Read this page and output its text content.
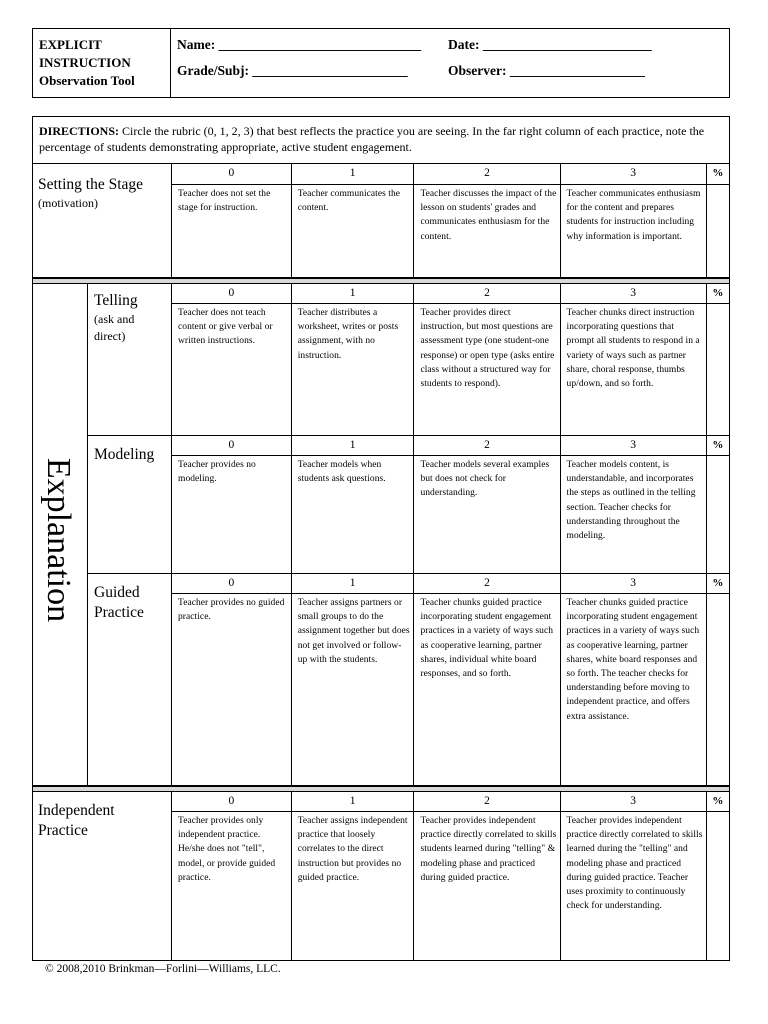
EXPLICIT
INSTRUCTION
Observation Tool
Name: ______________________________ Date: _________________________
Grade/Subj: _______________________	Observer: ____________________
DIRECTIONS: Circle the rubric (0, 1, 2, 3) that best reflects the practice you are seeing. In the far right column of each practice, note the percentage of students demonstrating appropriate, active student engagement.
Setting the Stage
(motivation)
0	1	2	3	%
Teacher does not set the stage for instruction.	Teacher communicates the content.	Teacher discusses the impact of the lesson on students' grades and communicates enthusiasm for the content.	Teacher communicates enthusiasm for the content and prepares students for instruction including why information is important.	
Explanation
Telling
(ask and direct)
0	1	2	3	%
Teacher does not teach content or give verbal or written instructions.	Teacher distributes a worksheet, writes or posts assignment, with no instruction.	Teacher provides direct instruction, but most questions are assessment type (one student-one response) or open type (asks entire class without a structured way for students to respond).	Teacher chunks direct instruction incorporating questions that prompt all students to respond in a variety of ways such as partner share, choral response, thumbs up/down, and so forth.	
Modeling
0	1	2	3	%
Teacher provides no modeling.	Teacher models when students ask questions.	Teacher models several examples but does not check for understanding.	Teacher models content, is understandable, and incorporates the steps as outlined in the telling section. Teacher checks for understanding throughout the modeling.	
Guided
Practice
0	1	2	3	%
Teacher provides no guided practice.	Teacher assigns partners or small groups to do the assignment together but does not get involved or follow-up with the students.	Teacher chunks guided practice incorporating student engagement practices in a variety of ways such as cooperative learning, partner shares, individual white board responses, and so forth.	Teacher chunks guided practice incorporating student engagement practices in a variety of ways such as cooperative learning, partner shares, white board responses and so forth. The teacher checks for understanding before moving to independent practice, and offers extra assistance.	
Independent
Practice
0	1	2	3	%
Teacher provides only independent practice. He/she does not "tell", model, or provide guided practice.	Teacher assigns independent practice that loosely correlates to the direct instruction but provides no guided practice.	Teacher provides independent practice directly correlated to skills students learned during "telling" & modeling phase and practiced during guided practice.	Teacher provides independent practice directly correlated to skills learned during the "telling" and modeling phase and practiced during guided practice. Teacher uses proximity to continuously check for understanding.	
© 2008,2010 Brinkman—Forlini—Williams, LLC.
